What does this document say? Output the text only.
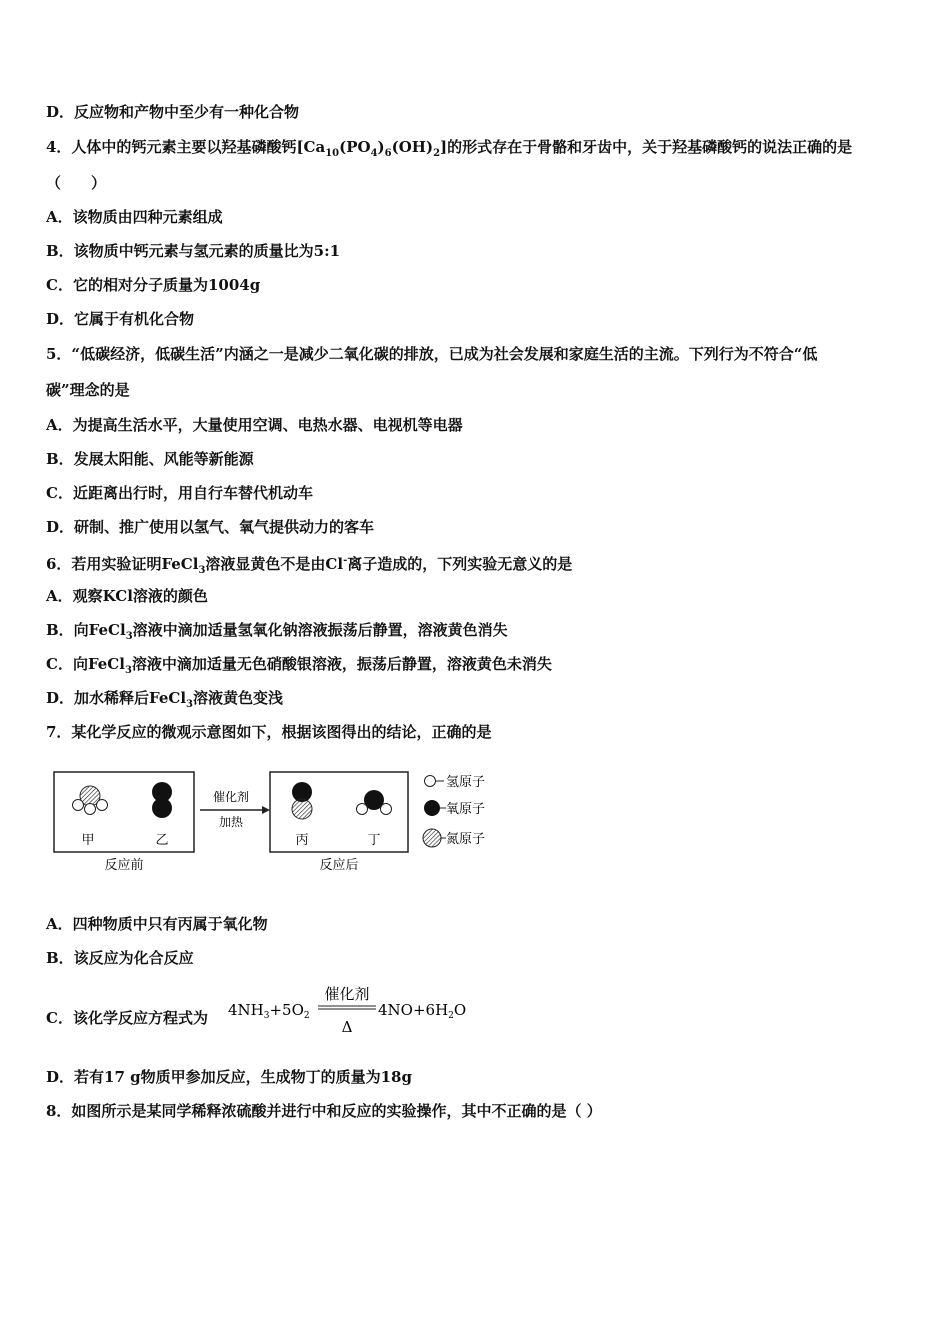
D．反应物和产物中至少有一种化合物
4．人体中的钙元素主要以羟基磷酸钙$[Ca_{10}(PO_4)_6(OH)_2]$的形式存在于骨骼和牙齿中，关于羟基磷酸钙的说法正确的是
（　　）
A．该物质由四种元素组成
B．该物质中钙元素与氢元素的质量比为5:1
C．它的相对分子质量为1004g
D．它属于有机化合物
5．“低碳经济，低碳生活”内涵之一是减少二氧化碳的排放，已成为社会发展和家庭生活的主流。下列行为不符合“低
碳”理念的是
A．为提高生活水平，大量使用空调、电热水器、电视机等电器
B．发展太阳能、风能等新能源
C．近距离出行时，用自行车替代机动车
D．研制、推广使用以氢气、氧气提供动力的客车
6．若用实验证明FeCl$_3$溶液显黄色不是由Cl-离子造成的，下列实验无意义的是
A．观察KCl溶液的颜色
B．向FeCl$_3$溶液中滴加适量氢氧化钠溶液振荡后静置，溶液黄色消失
C．向FeCl$_3$溶液中滴加适量无色硝酸银溶液，振荡后静置，溶液黄色未消失
D．加水稀释后FeCl$_3$溶液黄色变浅
7．某化学反应的微观示意图如下，根据该图得出的结论，正确的是
甲	乙
反应前
催化剂
加热
丙	丁
反应后
氢原子
氧原子
氮原子
A．四种物质中只有丙属于氧化物
B．该反应为化合反应
C．该化学反应方程式为 $4NH_3+5O_2$
催化剂
Δ
$4NO+6H_2O$
D．若有17 g物质甲参加反应，生成物丁的质量为18g
8．如图所示是某同学稀释浓硫酸并进行中和反应的实验操作，其中不正确的是（ ）
